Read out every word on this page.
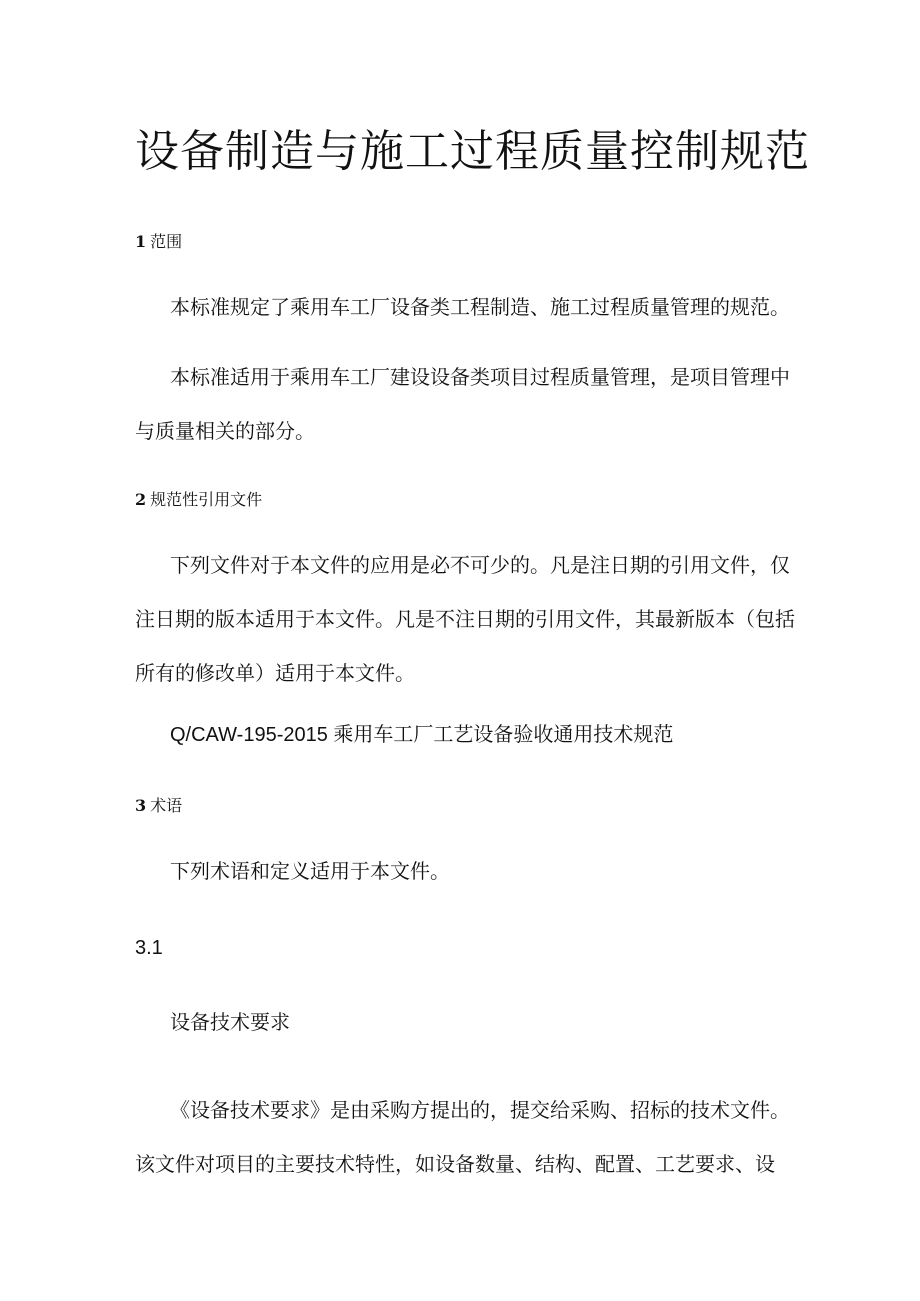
设备制造与施工过程质量控制规范
1 范围

本标准规定了乘用车工厂设备类工程制造、施工过程质量管理的规范。

本标准适用于乘用车工厂建设设备类项目过程质量管理，是项目管理中与质量相关的部分。

2 规范性引用文件

下列文件对于本文件的应用是必不可少的。凡是注日期的引用文件，仅注日期的版本适用于本文件。凡是不注日期的引用文件，其最新版本（包括所有的修改单）适用于本文件。

Q/CAW-195-2015 乘用车工厂工艺设备验收通用技术规范
3 术语
下列术语和定义适用于本文件。
3.1
设备技术要求

《设备技术要求》是由采购方提出的，提交给采购、招标的技术文件。该文件对项目的主要技术特性，如设备数量、结构、配置、工艺要求、设
